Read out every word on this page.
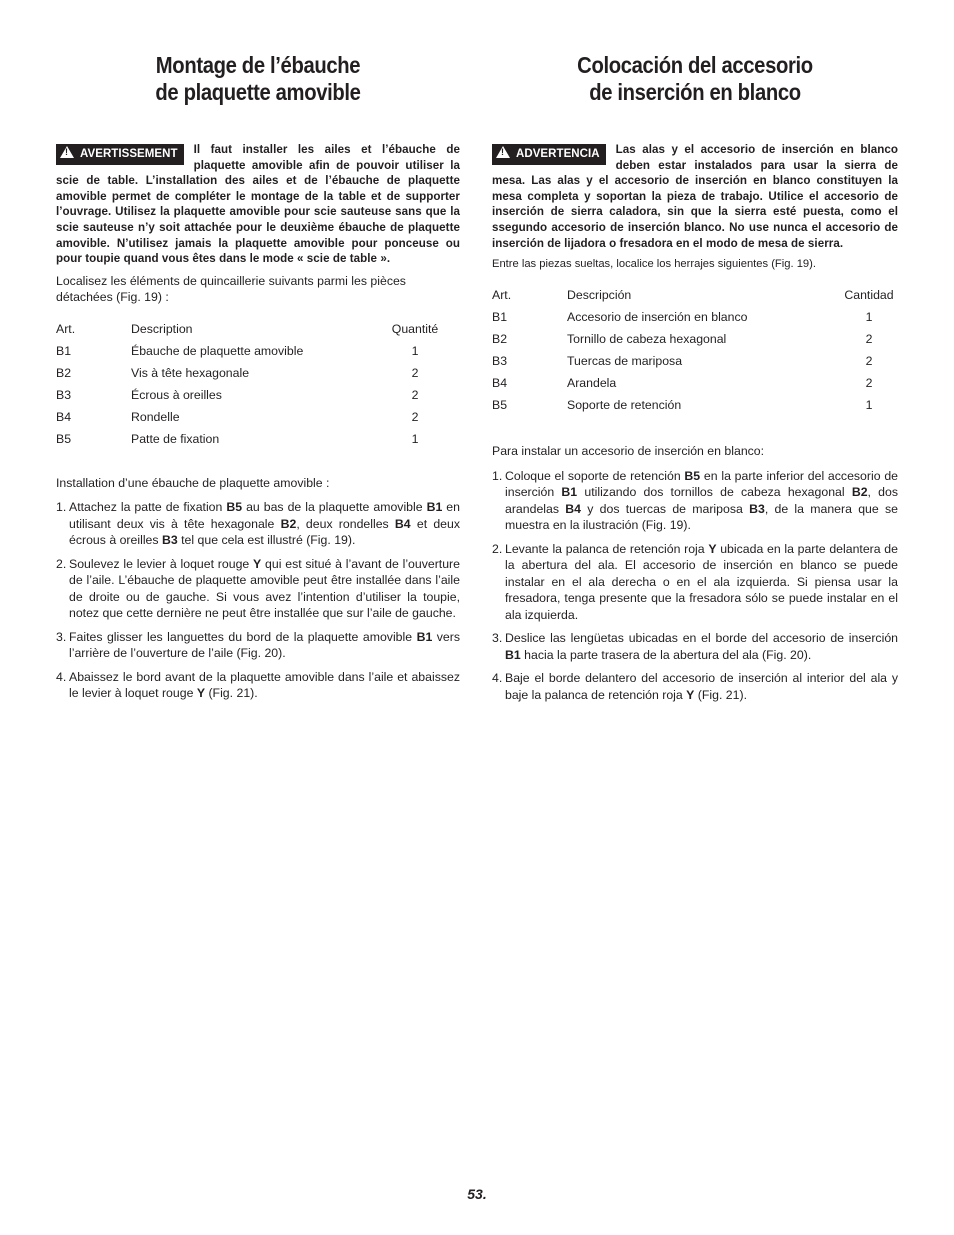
Montage de l’ébauche
de plaquette amovible
!AVERTISSEMENT	Il faut installer les ailes et l’ébauche de plaquette amovible afin de pouvoir utiliser la scie de table. L’installation des ailes et de l’ébauche de plaquette amovible permet de compléter le montage de la table et de supporter l’ouvrage. Utilisez la plaquette amovible pour scie sauteuse sans que la scie sauteuse n’y soit attachée pour le deuxième ébauche de plaquette amovible. N’utilisez jamais la plaquette amovible pour ponceuse ou pour toupie quand vous êtes dans le mode « scie de table ».

Localisez les éléments de quincaillerie suivants parmi les pièces détachées (Fig. 19) :

Art.	Description	Quantité
B1	Ébauche de plaquette amovible	1
B2	Vis à tête hexagonale	2
B3	Écrous à oreilles	2
B4	Rondelle	2
B5	Patte de fixation	1

Installation d’une ébauche de plaquette amovible :

1. Attachez la patte de fixation B5 au bas de la plaquette amovible B1 en utilisant deux vis à tête hexagonale B2, deux rondelles B4 et deux écrous à oreilles B3 tel que cela est illustré (Fig. 19).
2. Soulevez le levier à loquet rouge Y qui est situé à l’avant de l’ouverture de l’aile. L’ébauche de plaquette amovible peut être installée dans l’aile de droite ou de gauche. Si vous avez l’intention d’utiliser la toupie, notez que cette dernière ne peut être installée que sur l’aile de gauche.
3. Faites glisser les languettes du bord de la plaquette amovible B1 vers l’arrière de l’ouverture de l’aile (Fig. 20).
4. Abaissez le bord avant de la plaquette amovible dans l’aile et abaissez le levier à loquet rouge Y (Fig. 21).
Colocación del accesorio
de inserción en blanco
!ADVERTENCIA	Las alas y el accesorio de inserción en blanco deben estar instalados para usar la sierra de mesa. Las alas y el accesorio de inserción en blanco constituyen la mesa completa y soportan la pieza de trabajo. Utilice el accesorio de inserción de sierra caladora, sin que la sierra esté puesta, como el ssegundo accesorio de inserción blanco. No use nunca el accesorio de inserción de lijadora o fresadora en el modo de mesa de sierra.

Entre las piezas sueltas, localice los herrajes siguientes (Fig. 19).

Art.	Descripción	Cantidad
B1	Accesorio de inserción en blanco	1
B2	Tornillo de cabeza hexagonal	2
B3	Tuercas de mariposa	2
B4	Arandela	2
B5	Soporte de retención	1

Para instalar un accesorio de inserción en blanco:

1. Coloque el soporte de retención B5 en la parte inferior del accesorio de inserción B1 utilizando dos tornillos de cabeza hexagonal B2, dos arandelas B4 y dos tuercas de mariposa B3, de la manera que se muestra en la ilustración (Fig. 19).
2. Levante la palanca de retención roja Y ubicada en la parte delantera de la abertura del ala. El accesorio de inserción en blanco se puede instalar en el ala derecha o en el ala izquierda. Si piensa usar la fresadora, tenga presente que la fresadora sólo se puede instalar en el ala izquierda.
3. Deslice las lengüetas ubicadas en el borde del accesorio de inserción B1 hacia la parte trasera de la abertura del ala (Fig. 20).
4. Baje el borde delantero del accesorio de inserción al interior del ala y baje la palanca de retención roja Y (Fig. 21).
53.
